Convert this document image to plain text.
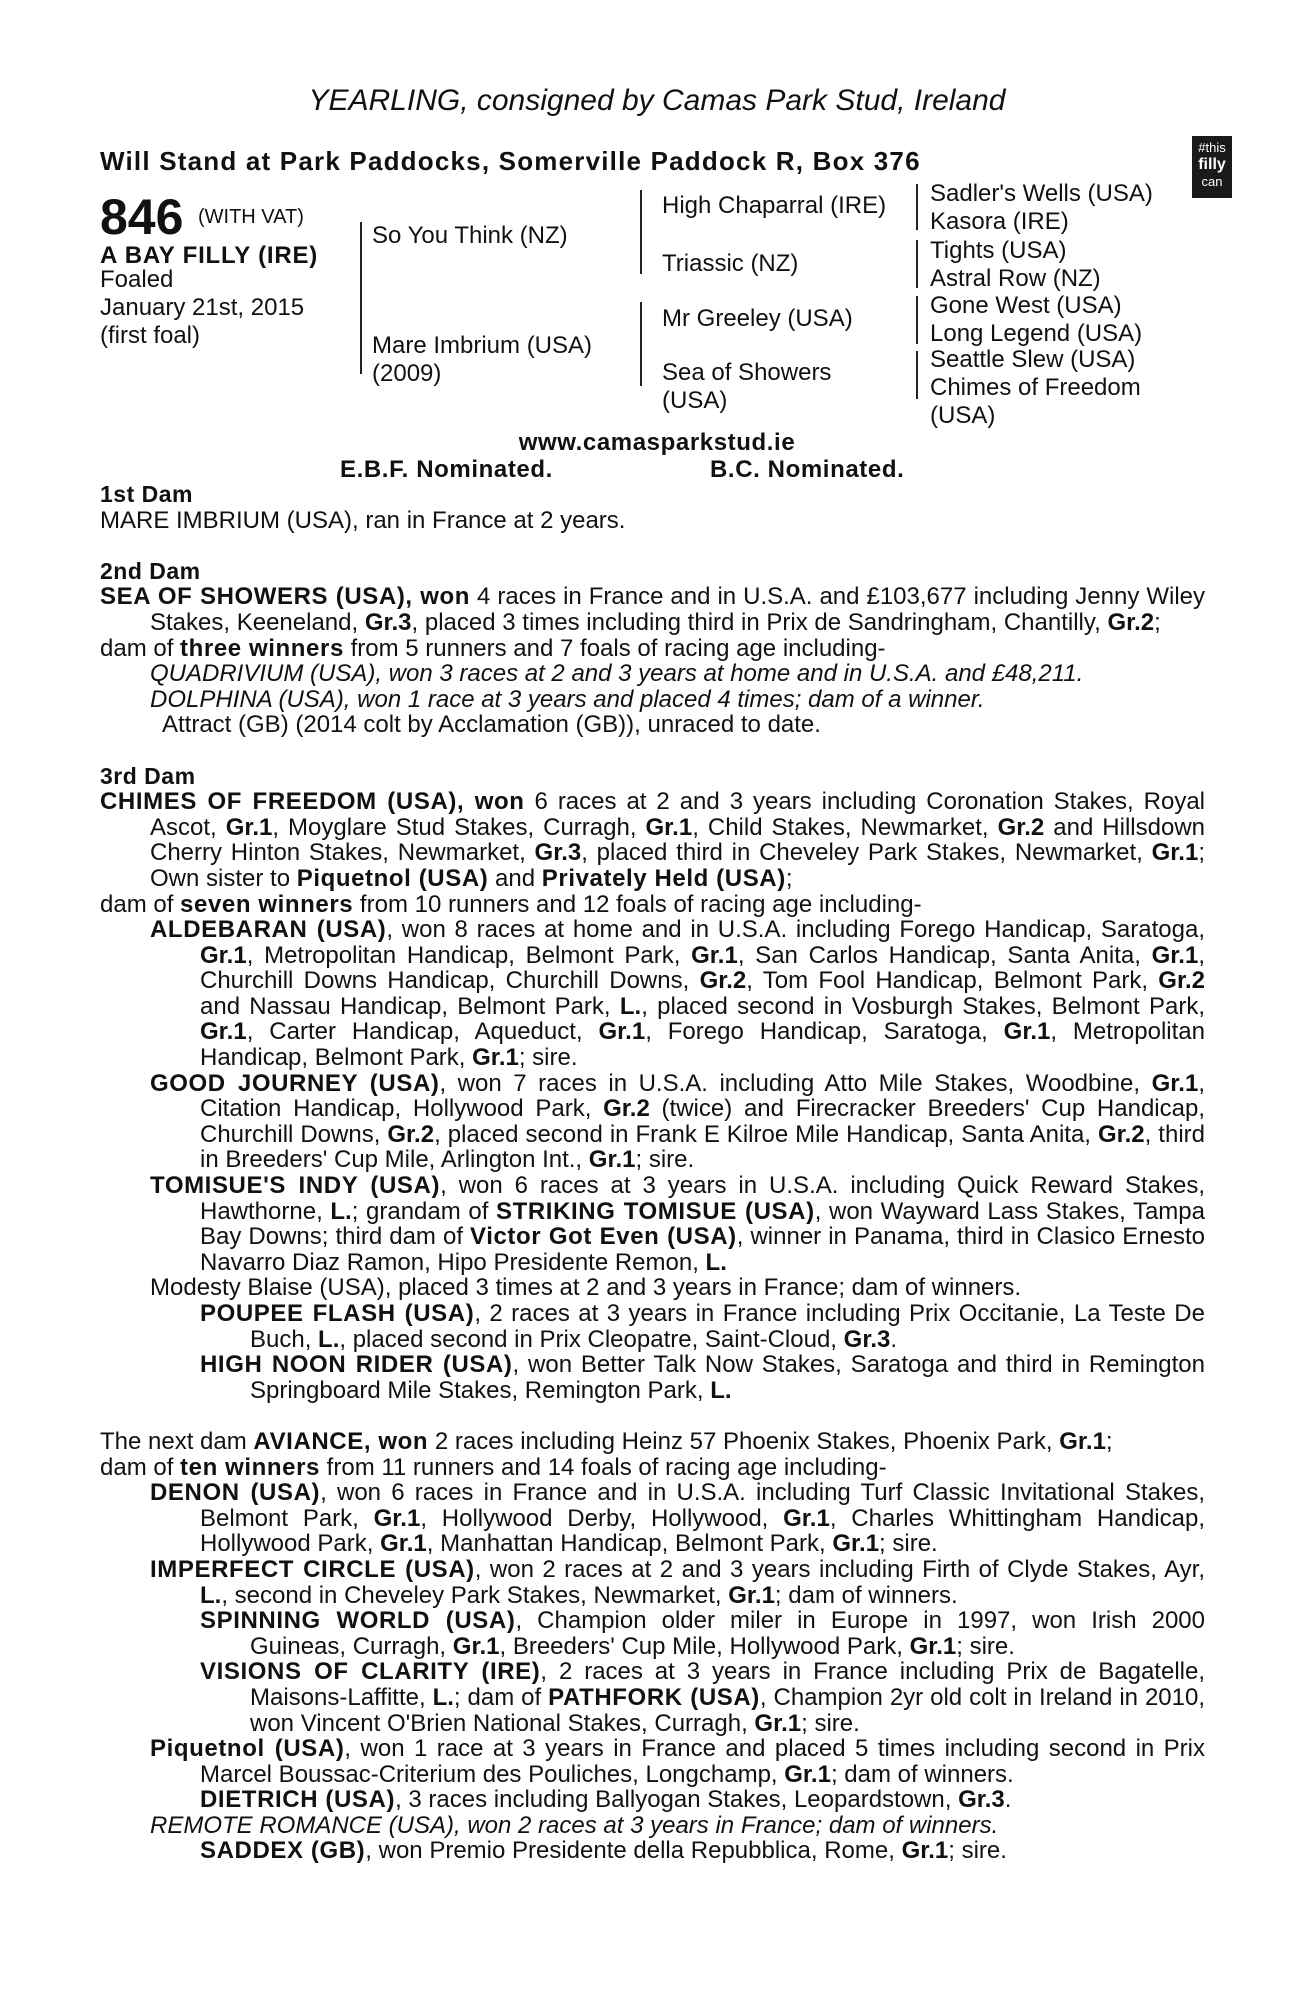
YEARLING, consigned by Camas Park Stud, Ireland
Will Stand at Park Paddocks, Somerville Paddock R, Box 376	#this
filly
can
846 (WITH VAT)
A BAY FILLY (IRE)
Foaled
January 21st, 2015
(first foal)
So You Think (NZ)
Mare Imbrium (USA)
(2009)
High Chaparral (IRE)
Triassic (NZ)
Mr Greeley (USA)
Sea of Showers
(USA)
Sadler's Wells (USA)
Kasora (IRE)
Tights (USA)
Astral Row (NZ)
Gone West (USA)
Long Legend (USA)
Seattle Slew (USA)
Chimes of Freedom
(USA)
www.camasparkstud.ie
E.B.F. Nominated.	B.C. Nominated.

1st Dam

MARE IMBRIUM (USA), ran in France at 2 years.

2nd Dam

SEA OF SHOWERS (USA), won 4 races in France and in U.S.A. and £103,677 including Jenny Wiley Stakes, Keeneland, Gr.3, placed 3 times including third in Prix de Sandringham, Chantilly, Gr.2;

dam of three winners from 5 runners and 7 foals of racing age including-

QUADRIVIUM (USA), won 3 races at 2 and 3 years at home and in U.S.A. and £48,211.

DOLPHINA (USA), won 1 race at 3 years and placed 4 times; dam of a winner.

Attract (GB) (2014 colt by Acclamation (GB)), unraced to date.

3rd Dam

CHIMES OF FREEDOM (USA), won 6 races at 2 and 3 years including Coronation Stakes, Royal Ascot, Gr.1, Moyglare Stud Stakes, Curragh, Gr.1, Child Stakes, Newmarket, Gr.2 and Hillsdown Cherry Hinton Stakes, Newmarket, Gr.3, placed third in Cheveley Park Stakes, Newmarket, Gr.1; Own sister to Piquetnol (USA) and Privately Held (USA);

dam of seven winners from 10 runners and 12 foals of racing age including-

ALDEBARAN (USA), won 8 races at home and in U.S.A. including Forego Handicap, Saratoga, Gr.1, Metropolitan Handicap, Belmont Park, Gr.1, San Carlos Handicap, Santa Anita, Gr.1, Churchill Downs Handicap, Churchill Downs, Gr.2, Tom Fool Handicap, Belmont Park, Gr.2 and Nassau Handicap, Belmont Park, L., placed second in Vosburgh Stakes, Belmont Park, Gr.1, Carter Handicap, Aqueduct, Gr.1, Forego Handicap, Saratoga, Gr.1, Metropolitan Handicap, Belmont Park, Gr.1; sire.

GOOD JOURNEY (USA), won 7 races in U.S.A. including Atto Mile Stakes, Woodbine, Gr.1, Citation Handicap, Hollywood Park, Gr.2 (twice) and Firecracker Breeders' Cup Handicap, Churchill Downs, Gr.2, placed second in Frank E Kilroe Mile Handicap, Santa Anita, Gr.2, third in Breeders' Cup Mile, Arlington Int., Gr.1; sire.

TOMISUE'S INDY (USA), won 6 races at 3 years in U.S.A. including Quick Reward Stakes, Hawthorne, L.; grandam of STRIKING TOMISUE (USA), won Wayward Lass Stakes, Tampa Bay Downs; third dam of Victor Got Even (USA), winner in Panama, third in Clasico Ernesto Navarro Diaz Ramon, Hipo Presidente Remon, L.

Modesty Blaise (USA), placed 3 times at 2 and 3 years in France; dam of winners.

POUPEE FLASH (USA), 2 races at 3 years in France including Prix Occitanie, La Teste De Buch, L., placed second in Prix Cleopatre, Saint-Cloud, Gr.3.

HIGH NOON RIDER (USA), won Better Talk Now Stakes, Saratoga and third in Remington Springboard Mile Stakes, Remington Park, L.

The next dam AVIANCE, won 2 races including Heinz 57 Phoenix Stakes, Phoenix Park, Gr.1;

dam of ten winners from 11 runners and 14 foals of racing age including-

DENON (USA), won 6 races in France and in U.S.A. including Turf Classic Invitational Stakes, Belmont Park, Gr.1, Hollywood Derby, Hollywood, Gr.1, Charles Whittingham Handicap, Hollywood Park, Gr.1, Manhattan Handicap, Belmont Park, Gr.1; sire.

IMPERFECT CIRCLE (USA), won 2 races at 2 and 3 years including Firth of Clyde Stakes, Ayr, L., second in Cheveley Park Stakes, Newmarket, Gr.1; dam of winners.

SPINNING WORLD (USA), Champion older miler in Europe in 1997, won Irish 2000 Guineas, Curragh, Gr.1, Breeders' Cup Mile, Hollywood Park, Gr.1; sire.

VISIONS OF CLARITY (IRE), 2 races at 3 years in France including Prix de Bagatelle, Maisons-Laffitte, L.; dam of PATHFORK (USA), Champion 2yr old colt in Ireland in 2010, won Vincent O'Brien National Stakes, Curragh, Gr.1; sire.

Piquetnol (USA), won 1 race at 3 years in France and placed 5 times including second in Prix Marcel Boussac-Criterium des Pouliches, Longchamp, Gr.1; dam of winners.

DIETRICH (USA), 3 races including Ballyogan Stakes, Leopardstown, Gr.3.

REMOTE ROMANCE (USA), won 2 races at 3 years in France; dam of winners.

SADDEX (GB), won Premio Presidente della Repubblica, Rome, Gr.1; sire.
